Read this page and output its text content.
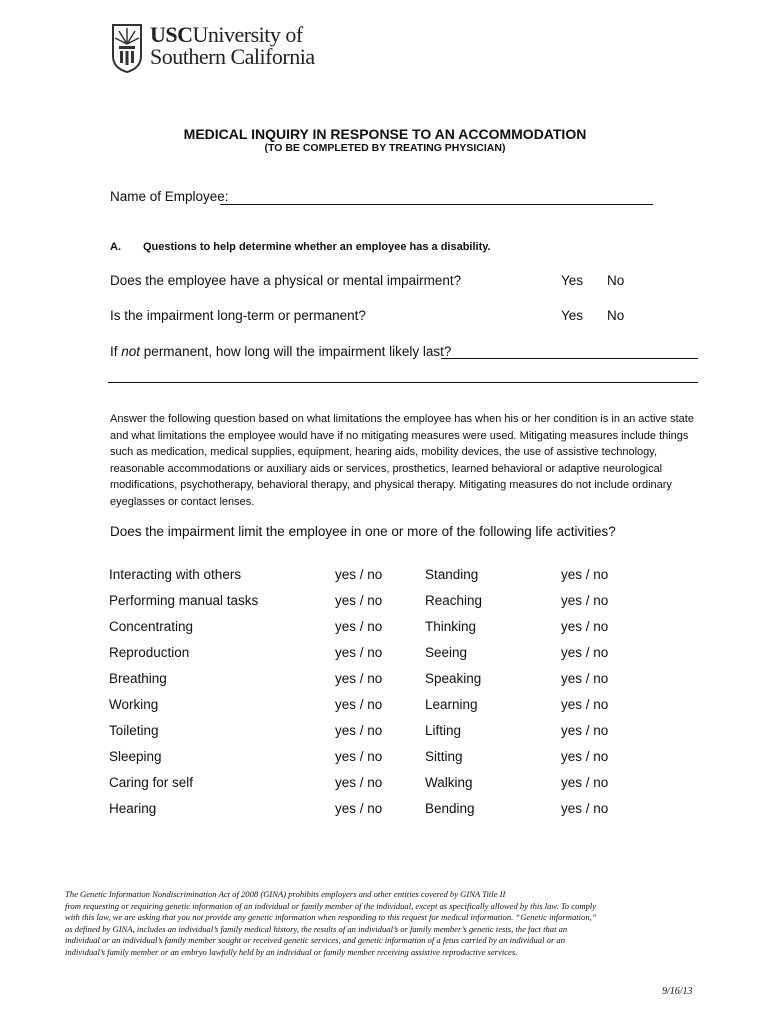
USCUniversity of
Southern California
MEDICAL INQUIRY IN RESPONSE TO AN ACCOMMODATION
(TO BE COMPLETED BY TREATING PHYSICIAN)
Name of Employee:
A. Questions to help determine whether an employee has a disability.
Does the employee have a physical or mental impairment?	Yes No
Is the impairment long-term or permanent?	Yes No
If not permanent, how long will the impairment likely last?
Answer the following question based on what limitations the employee has when his or her condition is in an active state and what limitations the employee would have if no mitigating measures were used. Mitigating measures include things such as medication, medical supplies, equipment, hearing aids, mobility devices, the use of assistive technology, reasonable accommodations or auxiliary aids or services, prosthetics, learned behavioral or adaptive neurological modifications, psychotherapy, behavioral therapy, and physical therapy. Mitigating measures do not include ordinary eyeglasses or contact lenses.
Does the impairment limit the employee in one or more of the following life activities?
Interacting with others	yes / no	Standing	yes / no
Performing manual tasks	yes / no	Reaching	yes / no
Concentrating	yes / no	Thinking	yes / no
Reproduction	yes / no	Seeing	yes / no
Breathing	yes / no	Speaking	yes / no
Working	yes / no	Learning	yes / no
Toileting	yes / no	Lifting	yes / no
Sleeping	yes / no	Sitting	yes / no
Caring for self	yes / no	Walking	yes / no
Hearing	yes / no	Bending	yes / no
The Genetic Information Nondiscrimination Act of 2008 (GINA) prohibits employers and other entities covered by GINA Title II
from requesting or requiring genetic information of an individual or family member of the individual, except as specifically allowed by this law. To comply
with this law, we are asking that you not provide any genetic information when responding to this request for medical information. “Genetic information,”
as defined by GINA, includes an individual’s family medical history, the results of an individual’s or family member’s genetic tests, the fact that an
individual or an individual’s family member sought or received genetic services, and genetic information of a fetus carried by an individual or an
individual’s family member or an embryo lawfully held by an individual or family member receiving assistive reproductive services.
9/16/13
